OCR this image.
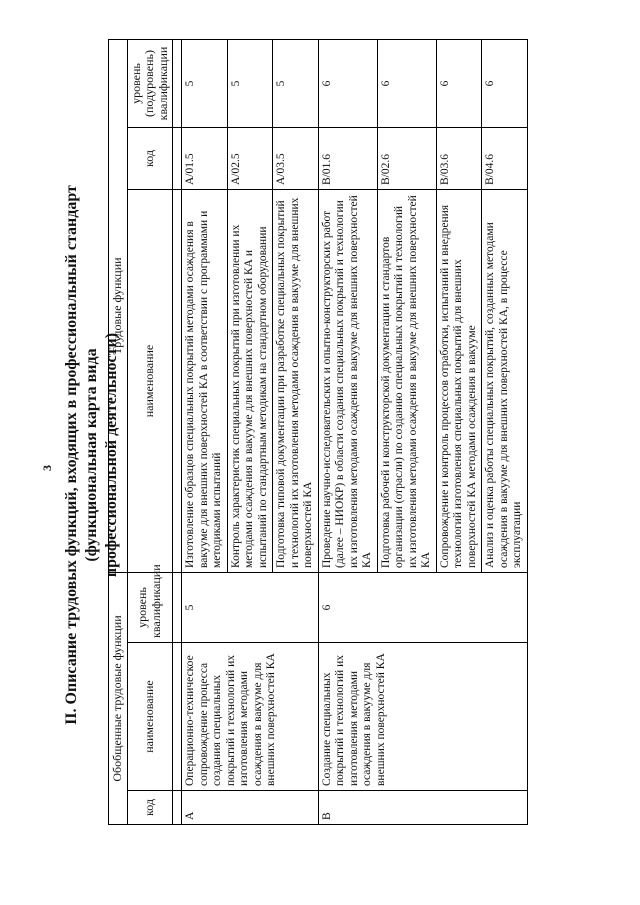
3 II. Описание трудовых функций, входящих в профессиональный стандарт (функциональная карта вида профессиональной деятельности)
Обобщенные трудовые функции			Трудовые функции		
код	наименование	уровень квалификации	наименование	код	уровень (подуровень) квалификации

A	Операционно-техническое сопровождение процесса создания специальных покрытий и технологий их изготовления методами осаждения в вакууме для внешних поверхностей КА	5	Изготовление образцов специальных покрытий методами осаждения в вакууме для внешних поверхностей КА в соответствии с программами и методиками испытаний	A/01.5	5
			Контроль характеристик специальных покрытий при изготовлении их методами осаждения в вакууме для внешних поверхностей КА и испытаний по стандартным методикам на стандартном оборудовании	A/02.5	5
			Подготовка типовой документации при разработке специальных покрытий и технологий их изготовления методами осаждения в вакууме для внешних поверхностей КА	A/03.5	5
B	Создание специальных покрытий и технологий их изготовления методами осаждения в вакууме для внешних поверхностей КА	6	Проведение научно-исследовательских и опытно-конструкторских работ (далее – НИОКР) в области создания специальных покрытий и технологии их изготовления методами осаждения в вакууме для внешних поверхностей КА	B/01.6	6
			Подготовка рабочей и конструкторской документации и стандартов организации (отрасли) по созданию специальных покрытий и технологий их изготовления методами осаждения в вакууме для внешних поверхностей КА	B/02.6	6
			Сопровождение и контроль процессов отработки, испытаний и внедрения технологий изготовления специальных покрытий для внешних поверхностей КА методами осаждения в вакууме	B/03.6	6
			Анализ и оценка работы специальных покрытий, созданных методами осаждения в вакууме для внешних поверхностей КА, в процессе эксплуатации	B/04.6	6
